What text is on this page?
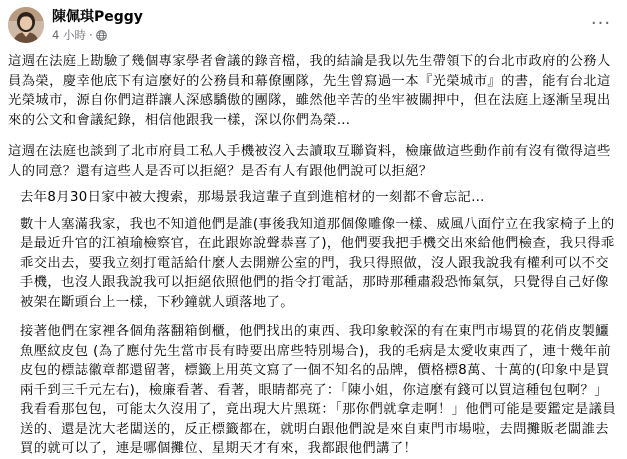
陳佩琪Peggy
4 小時 ·
···

這週在法庭上勘驗了幾個專家學者會議的錄音檔，我的結論是我以先生帶領下的台北市政府的公務人員為榮，慶幸他底下有這麼好的公務員和幕僚團隊，先生曾寫過一本『光榮城市』的書，能有台北這光榮城市，源自你們這群讓人深感驕傲的團隊，雖然他辛苦的坐牢被關押中，但在法庭上逐漸呈現出來的公文和會議紀錄，相信他跟我一樣，深以你們為榮…

這週在法庭也談到了北市府員工私人手機被沒入去讀取互聯資料，檢廉做這些動作前有沒有徵得這些人的同意？還有這些人是否可以拒絕？是否有人有跟他們說可以拒絕？

去年8月30日家中被大搜索，那場景我這輩子直到進棺材的一刻都不會忘記…

數十人塞滿我家，我也不知道他們是誰(事後我知道那個像雕像一樣、威風八面佇立在我家椅子上的是最近升官的江禎瑜檢察官，在此跟妳說聲恭喜了)，他們要我把手機交出來給他們檢查，我只得乖乖交出去，要我立刻打電話給什麼人去開辦公室的門，我只得照做，沒人跟我說我有權利可以不交手機，也沒人跟我說我可以拒絕依照他們的指令打電話，那時那種肅殺恐怖氣氛，只覺得自己好像被架在斷頭台上一樣，下秒鐘就人頭落地了。

接著他們在家裡各個角落翻箱倒櫃，他們找出的東西、我印象較深的有在東門市場買的花俏皮製鱷魚壓紋皮包 (為了應付先生當市長有時要出席些特別場合)，我的毛病是太愛收東西了，連十幾年前皮包的標誌徽章都還留著，標籤上用英文寫了一個不知名的品牌，價格標8萬、十萬的(印象中是買兩千到三千元左右)，檢廉看著、看著，眼睛都亮了：「陳小姐，你這麼有錢可以買這種包包啊？」我看看那包包，可能太久沒用了，竟出現大片黑斑：「那你們就拿走啊！」他們可能是要鑑定是議員送的、還是沈大老闆送的，反正標籤都在，就明白跟他們說是來自東門市場啦，去問攤販老闆誰去買的就可以了，連是哪個攤位、星期天才有來，我都跟他們講了！
